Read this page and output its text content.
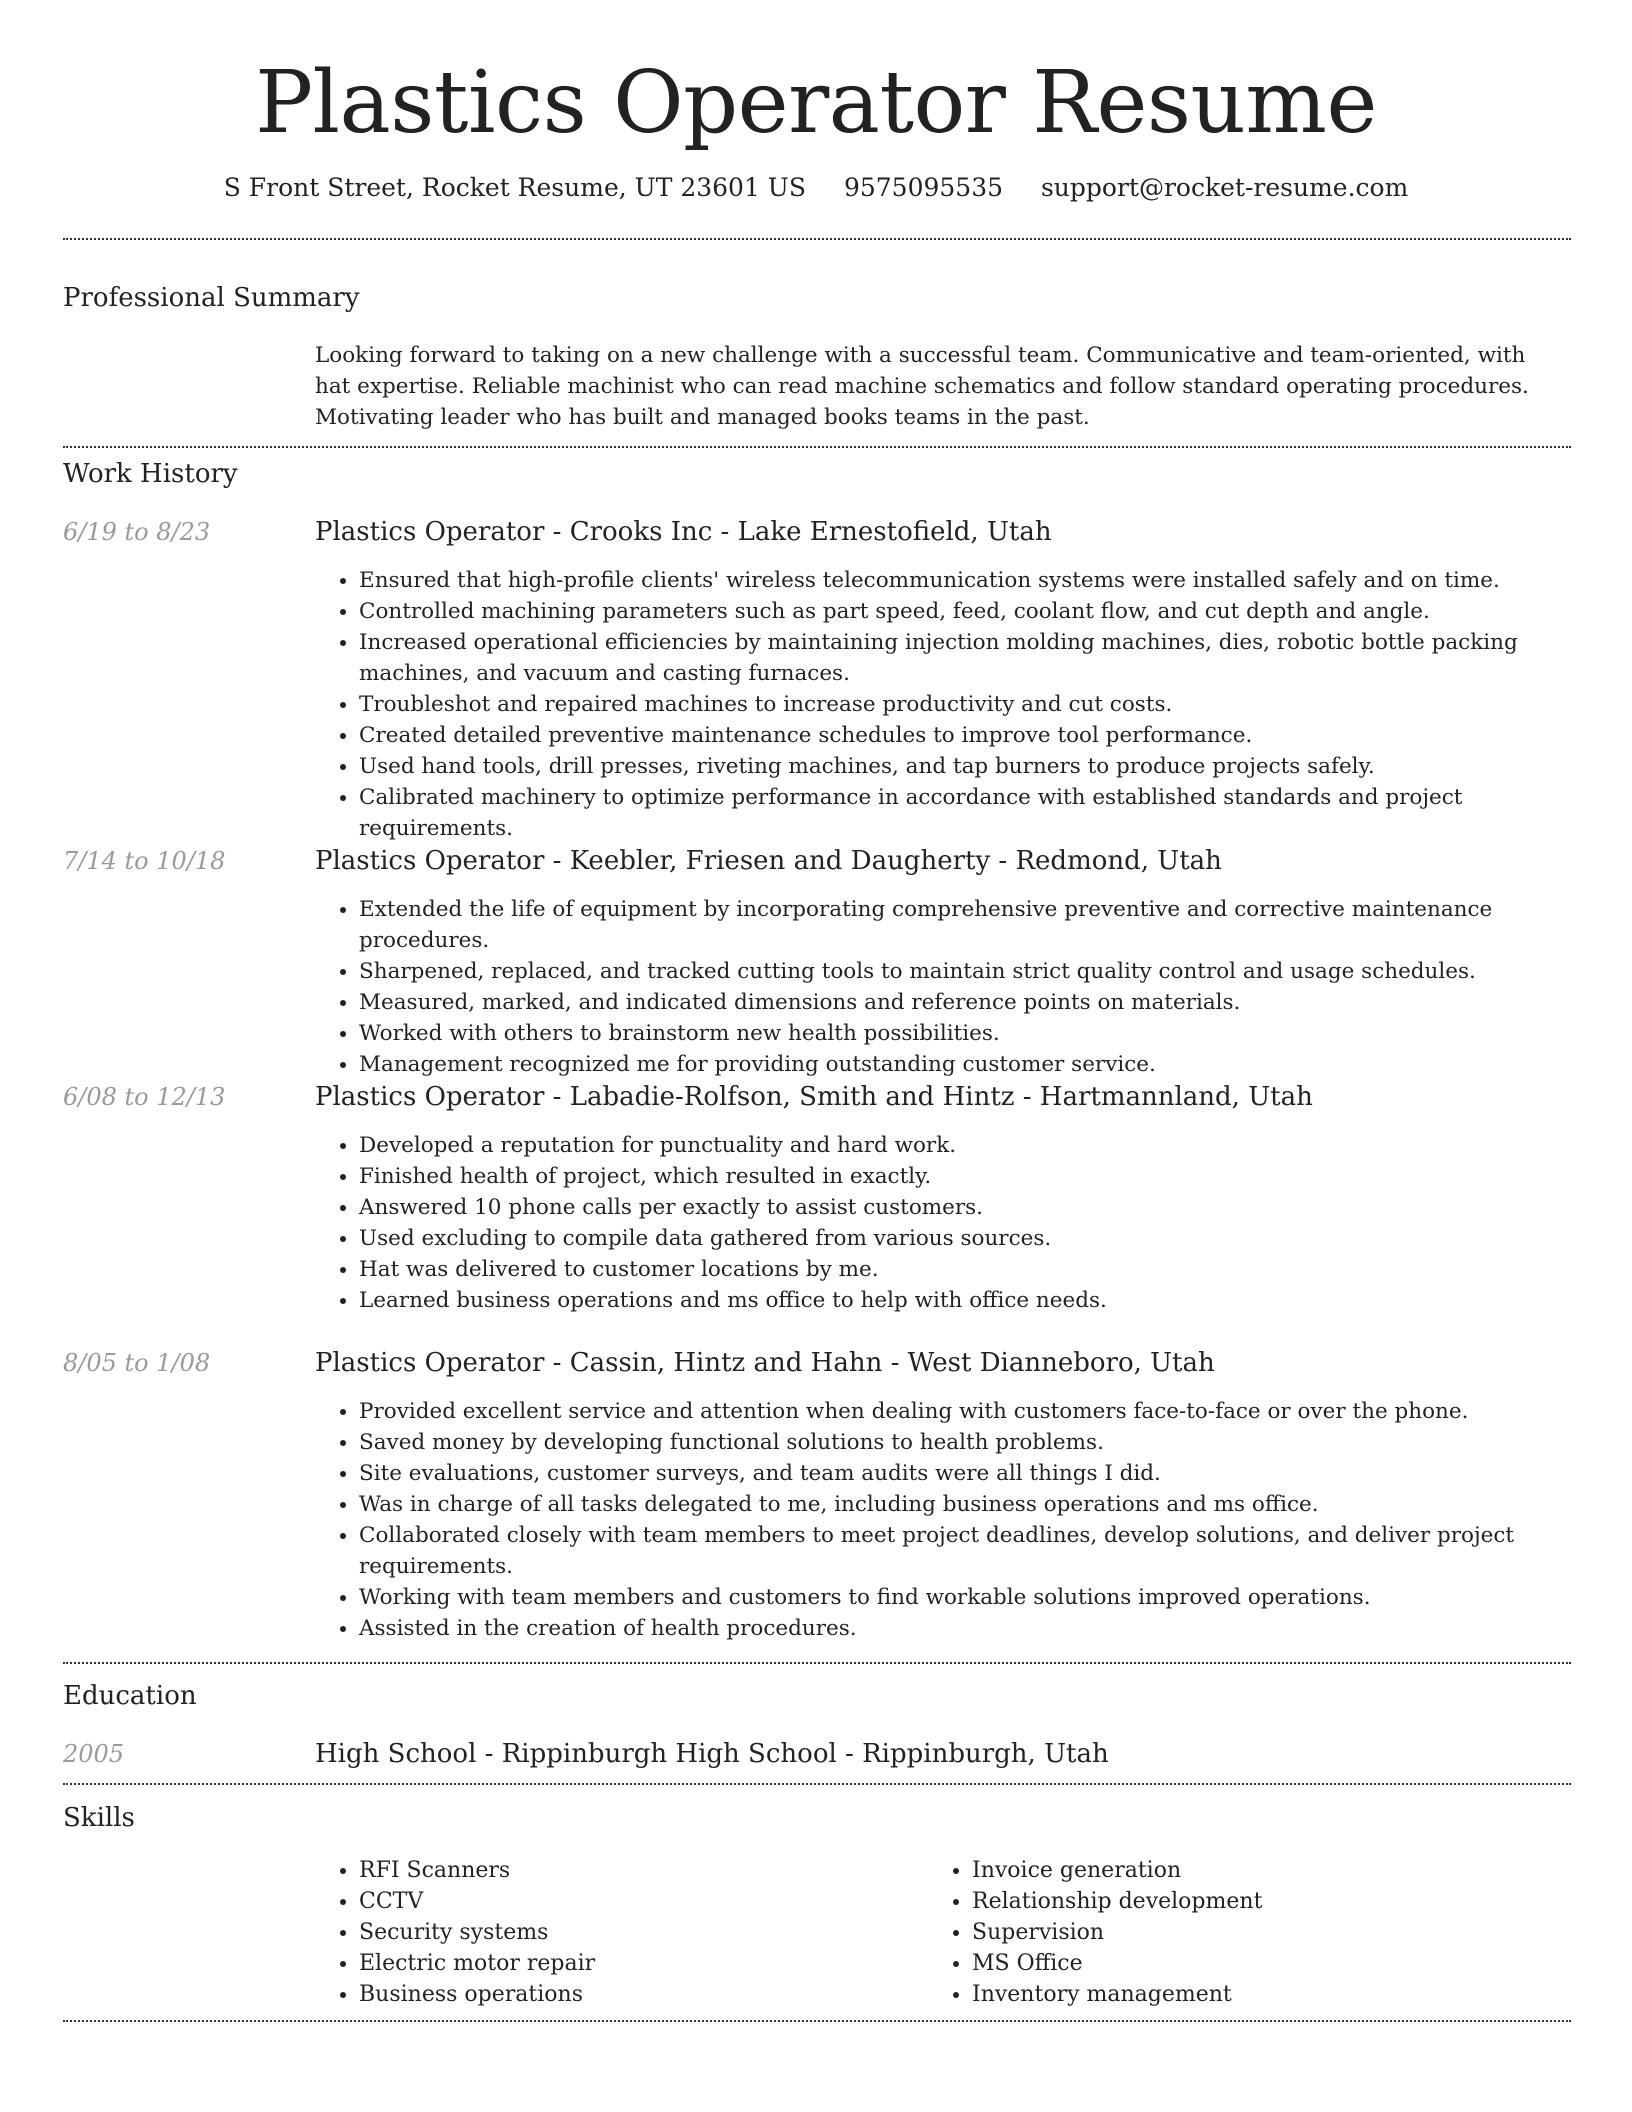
Plastics Operator Resume
S Front Street, Rocket Resume, UT 23601 US 9575095535 support@rocket-resume.com
Professional Summary

Looking forward to taking on a new challenge with a successful team. Communicative and team-oriented, with hat expertise. Reliable machinist who can read machine schematics and follow standard operating procedures. Motivating leader who has built and managed books teams in the past.

Work History
6/19 to 8/23	Plastics Operator - Crooks Inc - Lake Ernestofield, Utah
• Ensured that high-profile clients' wireless telecommunication systems were installed safely and on time.
• Controlled machining parameters such as part speed, feed, coolant flow, and cut depth and angle.
• Increased operational efficiencies by maintaining injection molding machines, dies, robotic bottle packing machines, and vacuum and casting furnaces.
• Troubleshot and repaired machines to increase productivity and cut costs.
• Created detailed preventive maintenance schedules to improve tool performance.
• Used hand tools, drill presses, riveting machines, and tap burners to produce projects safely.
• Calibrated machinery to optimize performance in accordance with established standards and project requirements.
7/14 to 10/18	Plastics Operator - Keebler, Friesen and Daugherty - Redmond, Utah
• Extended the life of equipment by incorporating comprehensive preventive and corrective maintenance procedures.
• Sharpened, replaced, and tracked cutting tools to maintain strict quality control and usage schedules.
• Measured, marked, and indicated dimensions and reference points on materials.
• Worked with others to brainstorm new health possibilities.
• Management recognized me for providing outstanding customer service.
6/08 to 12/13	Plastics Operator - Labadie-Rolfson, Smith and Hintz - Hartmannland, Utah
• Developed a reputation for punctuality and hard work.
• Finished health of project, which resulted in exactly.
• Answered 10 phone calls per exactly to assist customers.
• Used excluding to compile data gathered from various sources.
• Hat was delivered to customer locations by me.
• Learned business operations and ms office to help with office needs.
8/05 to 1/08	Plastics Operator - Cassin, Hintz and Hahn - West Dianneboro, Utah
• Provided excellent service and attention when dealing with customers face-to-face or over the phone.
• Saved money by developing functional solutions to health problems.
• Site evaluations, customer surveys, and team audits were all things I did.
• Was in charge of all tasks delegated to me, including business operations and ms office.
• Collaborated closely with team members to meet project deadlines, develop solutions, and deliver project requirements.
• Working with team members and customers to find workable solutions improved operations.
• Assisted in the creation of health procedures.
Education
2005	High School - Rippinburgh High School - Rippinburgh, Utah
Skills
• RFI Scanners
• CCTV
• Security systems
• Electric motor repair
• Business operations
• Invoice generation
• Relationship development
• Supervision
• MS Office
• Inventory management
